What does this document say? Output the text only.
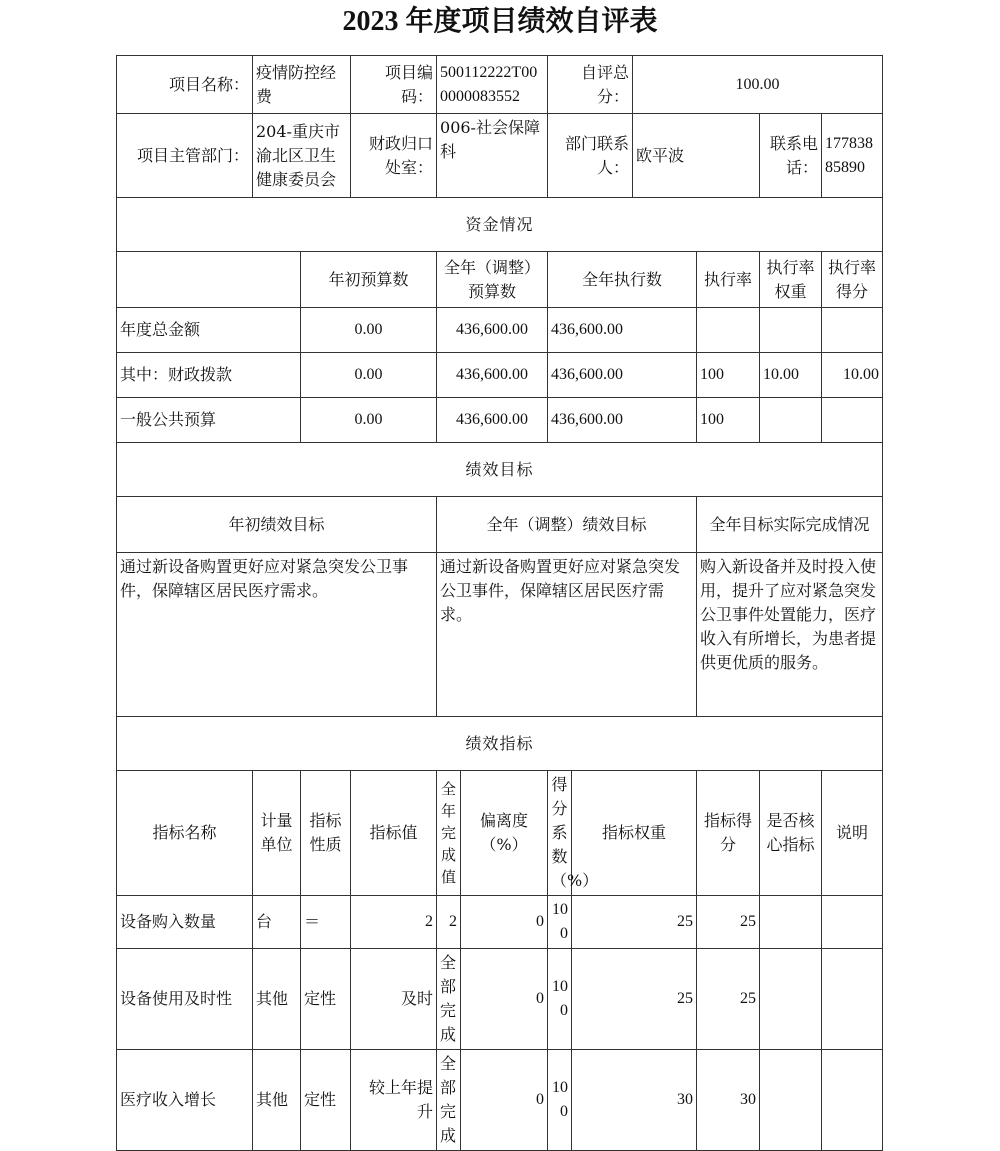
2023 年度项目绩效自评表
项目名称：	疫情防控经费		项目编码：	500112222T000000083552		自评总分：		100.00			
项目主管部门：	204-重庆市渝北区卫生健康委员会		财政归口处室：	006-社会保障科		部门联系人：		欧平波		联系电话：	17783885890
资金情况											
		年初预算数		全年（调整）预算数		全年执行数			执行率	执行率权重	执行率得分
年度总金额		0.00		436,600.00		436,600.00					
其中：财政拨款		0.00		436,600.00		436,600.00			100	10.00	10.00
一般公共预算		0.00		436,600.00		436,600.00			100		
绩效目标											
年初绩效目标				全年（调整）绩效目标					全年目标实际完成情况		
通过新设备购置更好应对紧急突发公卫事件，保障辖区居民医疗需求。				通过新设备购置更好应对紧急突发公卫事件，保障辖区居民医疗需求。					购入新设备并及时投入使用，提升了应对紧急突发公卫事件处置能力，医疗收入有所增长，为患者提供更优质的服务。		
绩效指标											
指标名称	计量单位	指标性质	指标值	全年完成值	偏离度（%）	得分系数（%）	指标权重		指标得分	是否核心指标	说明
设备购入数量	台	＝	2	2	0	100	25		25		
设备使用及时性	其他	定性	及时	全部完成	0	100	25		25		
医疗收入增长	其他	定性	较上年提升	全部完成	0	100	30		30		
